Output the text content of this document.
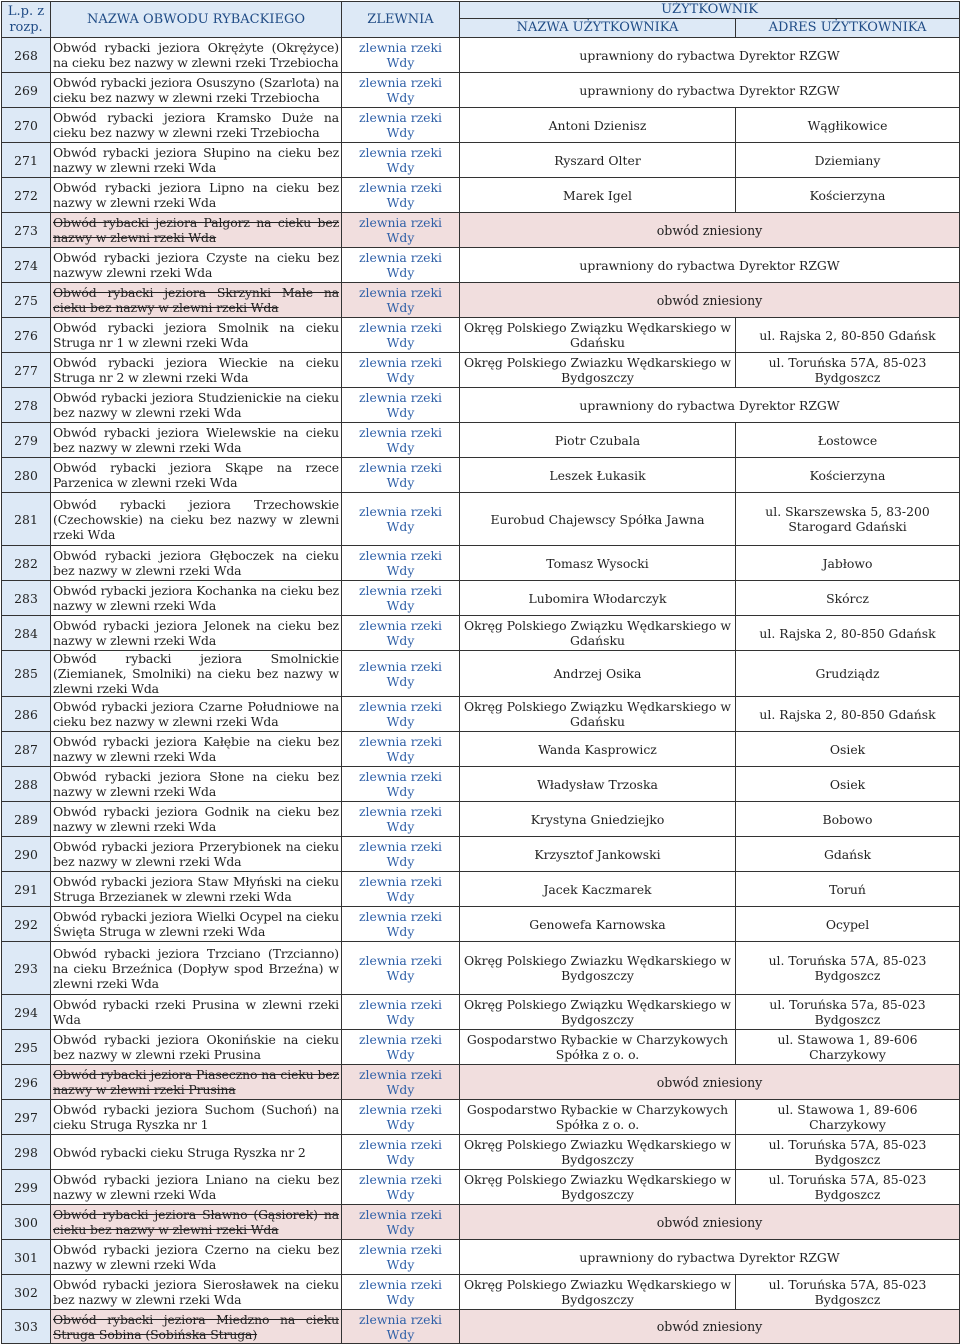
L.p. z rozp.	NAZWA OBWODU RYBACKIEGO	ZLEWNIA	UŻYTKOWNIK	
			NAZWA UŻYTKOWNIKA	ADRES UŻYTKOWNIKA
268	Obwód rybacki jeziora Okrężyte (Okrężyce) na cieku bez nazwy w zlewni rzeki Trzebiocha	zlewnia rzeki Wdy	uprawniony do rybactwa Dyrektor RZGW	
269	Obwód rybacki jeziora Osuszyno (Szarlota) na cieku bez nazwy w zlewni rzeki Trzebiocha	zlewnia rzeki Wdy	uprawniony do rybactwa Dyrektor RZGW	
270	Obwód rybacki jeziora Kramsko Duże na cieku bez nazwy w zlewni rzeki Trzebiocha	zlewnia rzeki Wdy	Antoni Dzienisz	Wągłikowice
271	Obwód rybacki jeziora Słupino na cieku bez nazwy w zlewni rzeki Wda	zlewnia rzeki Wdy	Ryszard Olter	Dziemiany
272	Obwód rybacki jeziora Lipno na cieku bez nazwy w zlewni rzeki Wda	zlewnia rzeki Wdy	Marek Igel	Kościerzyna
273	Obwód rybacki jeziora Palgorz na cieku bez nazwy w zlewni rzeki Wda	zlewnia rzeki Wdy	obwód zniesiony	
274	Obwód rybacki jeziora Czyste na cieku bez nazwyw zlewni rzeki Wda	zlewnia rzeki Wdy	uprawniony do rybactwa Dyrektor RZGW	
275	Obwód rybacki jeziora Skrzynki Małe na cieku bez nazwy w zlewni rzeki Wda	zlewnia rzeki Wdy	obwód zniesiony	
276	Obwód rybacki jeziora Smolnik na cieku Struga nr 1 w zlewni rzeki Wda	zlewnia rzeki Wdy	Okręg Polskiego Związku Wędkarskiego w Gdańsku	ul. Rajska 2, 80-850 Gdańsk
277	Obwód rybacki jeziora Wieckie na cieku Struga nr 2 w zlewni rzeki Wda	zlewnia rzeki Wdy	Okręg Polskiego Zwiazku Wędkarskiego w Bydgoszczy	ul. Toruńska 57A, 85-023 Bydgoszcz
278	Obwód rybacki jeziora Studzienickie na cieku bez nazwy w zlewni rzeki Wda	zlewnia rzeki Wdy	uprawniony do rybactwa Dyrektor RZGW	
279	Obwód rybacki jeziora Wielewskie na cieku bez nazwy w zlewni rzeki Wda	zlewnia rzeki Wdy	Piotr Czubala	Łostowce
280	Obwód rybacki jeziora Skąpe na rzece Parzenica w zlewni rzeki Wda	zlewnia rzeki Wdy	Leszek Łukasik	Kościerzyna
281	Obwód rybacki jeziora Trzechowskie (Czechowskie) na cieku bez nazwy w zlewni rzeki Wda	zlewnia rzeki Wdy	Eurobud Chajewscy Spółka Jawna	ul. Skarszewska 5, 83-200 Starogard Gdański
282	Obwód rybacki jeziora Głęboczek na cieku bez nazwy w zlewni rzeki Wda	zlewnia rzeki Wdy	Tomasz Wysocki	Jabłowo
283	Obwód rybacki jeziora Kochanka na cieku bez nazwy w zlewni rzeki Wda	zlewnia rzeki Wdy	Lubomira Włodarczyk	Skórcz
284	Obwód rybacki jeziora Jelonek na cieku bez nazwy w zlewni rzeki Wda	zlewnia rzeki Wdy	Okręg Polskiego Związku Wędkarskiego w Gdańsku	ul. Rajska 2, 80-850 Gdańsk
285	Obwód rybacki jeziora Smolnickie (Ziemianek, Smolniki) na cieku bez nazwy w zlewni rzeki Wda	zlewnia rzeki Wdy	Andrzej Osika	Grudziądz
286	Obwód rybacki jeziora Czarne Południowe na cieku bez nazwy w zlewni rzeki Wda	zlewnia rzeki Wdy	Okręg Polskiego Związku Wędkarskiego w Gdańsku	ul. Rajska 2, 80-850 Gdańsk
287	Obwód rybacki jeziora Kałębie na cieku bez nazwy w zlewni rzeki Wda	zlewnia rzeki Wdy	Wanda Kasprowicz	Osiek
288	Obwód rybacki jeziora Słone na cieku bez nazwy w zlewni rzeki Wda	zlewnia rzeki Wdy	Władysław Trzoska	Osiek
289	Obwód rybacki jeziora Godnik na cieku bez nazwy w zlewni rzeki Wda	zlewnia rzeki Wdy	Krystyna Gniedziejko	Bobowo
290	Obwód rybacki jeziora Przerybionek na cieku bez nazwy w zlewni rzeki Wda	zlewnia rzeki Wdy	Krzysztof Jankowski	Gdańsk
291	Obwód rybacki jeziora Staw Młyński na cieku Struga Brzezianek w zlewni rzeki Wda	zlewnia rzeki Wdy	Jacek Kaczmarek	Toruń
292	Obwód rybacki jeziora Wielki Ocypel na cieku Święta Struga w zlewni rzeki Wda	zlewnia rzeki Wdy	Genowefa Karnowska	Ocypel
293	Obwód rybacki jeziora Trzciano (Trzcianno) na cieku Brzeźnica (Dopływ spod Brzeźna) w zlewni rzeki Wda	zlewnia rzeki Wdy	Okręg Polskiego Zwiazku Wędkarskiego w Bydgoszczy	ul. Toruńska 57A, 85-023 Bydgoszcz
294	Obwód rybacki rzeki Prusina w zlewni rzeki Wda	zlewnia rzeki Wdy	Okręg Polskiego Związku Wędkarskiego w Bydgoszczy	ul. Toruńska 57a, 85-023 Bydgoszcz
295	Obwód rybacki jeziora Okonińskie na cieku bez nazwy w zlewni rzeki Prusina	zlewnia rzeki Wdy	Gospodarstwo Rybackie w Charzykowych Spółka z o. o.	ul. Stawowa 1, 89-606 Charzykowy
296	Obwód rybacki jeziora Piaseczno na cieku bez nazwy w zlewni rzeki Prusina	zlewnia rzeki Wdy	obwód zniesiony	
297	Obwód rybacki jeziora Suchom (Suchoń) na cieku Struga Ryszka nr 1	zlewnia rzeki Wdy	Gospodarstwo Rybackie w Charzykowych Spółka z o. o.	ul. Stawowa 1, 89-606 Charzykowy
298	Obwód rybacki cieku Struga Ryszka nr 2	zlewnia rzeki Wdy	Okręg Polskiego Zwiazku Wędkarskiego w Bydgoszczy	ul. Toruńska 57A, 85-023 Bydgoszcz
299	Obwód rybacki jeziora Lniano na cieku bez nazwy w zlewni rzeki Wda	zlewnia rzeki Wdy	Okręg Polskiego Zwiazku Wędkarskiego w Bydgoszczy	ul. Toruńska 57A, 85-023 Bydgoszcz
300	Obwód rybacki jeziora Sławno (Gąsiorek) na cieku bez nazwy w zlewni rzeki Wda	zlewnia rzeki Wdy	obwód zniesiony	
301	Obwód rybacki jeziora Czerno na cieku bez nazwy w zlewni rzeki Wda	zlewnia rzeki Wdy	uprawniony do rybactwa Dyrektor RZGW	
302	Obwód rybacki jeziora Sierosławek na cieku bez nazwy w zlewni rzeki Wda	zlewnia rzeki Wdy	Okręg Polskiego Zwiazku Wędkarskiego w Bydgoszczy	ul. Toruńska 57A, 85-023 Bydgoszcz
303	Obwód rybacki jeziora Miedzno na cieku Struga Sobina (Sobińska Struga)	zlewnia rzeki Wdy	obwód zniesiony	
